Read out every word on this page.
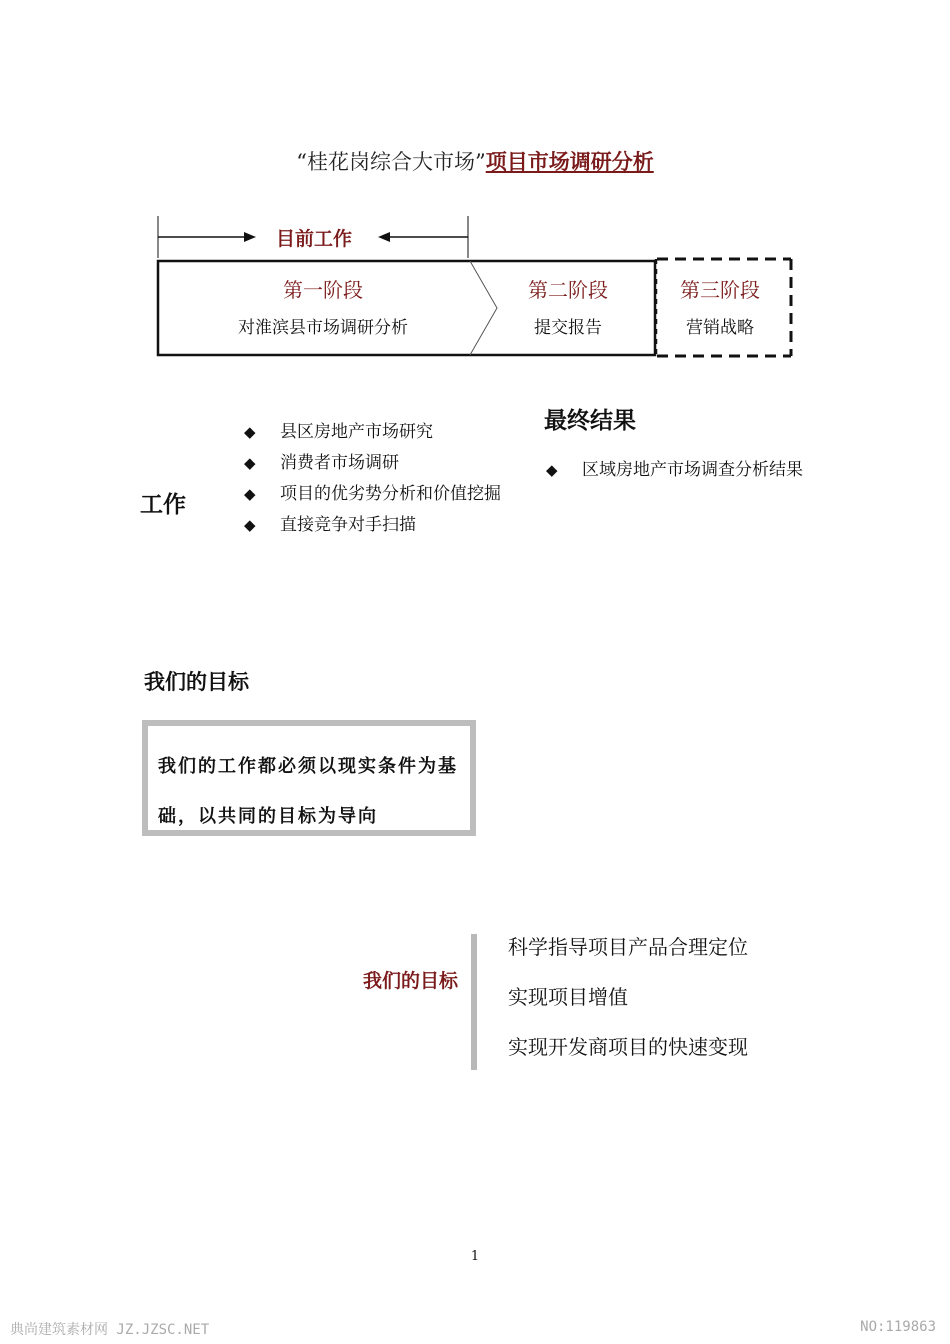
“桂花岗综合大市场”项目市场调研分析
目前工作
第一阶段
对淮滨县市场调研分析
第二阶段
提交报告
第三阶段
营销战略
工作
◆ 县区房地产市场研究
◆ 消费者市场调研
◆ 项目的优劣势分析和价值挖掘
◆ 直接竞争对手扫描
最终结果
◆ 区域房地产市场调查分析结果
我们的目标
我们的工作都必须以现实条件为基础，以共同的目标为导向
我们的目标
科学指导项目产品合理定位
实现项目增值
实现开发商项目的快速变现
1
典尚建筑素材网 JZ.JZSC.NET	NO:119863
